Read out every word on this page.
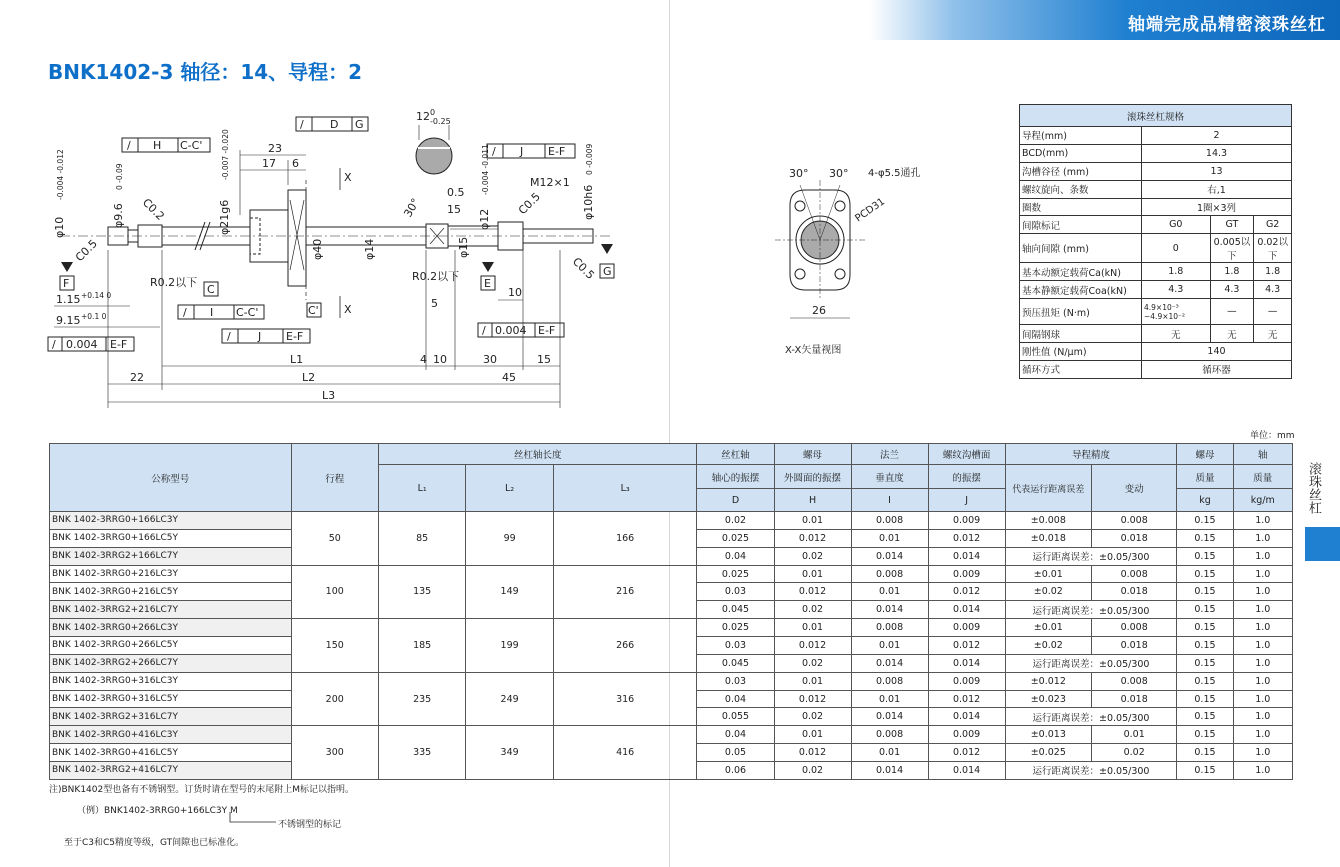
轴端完成品精密滚珠丝杠
BNK1402-3 轴径：14、导程：2
X
X
12 0
-0.25
/ H C-C'
/ D G
/ J E-F
/ I C-C'
/ J E-F	/ 0.004 E-F
/ 0.004 E-F
23
17 6
φ10
-0.004 -0.012
φ9.6
0 -0.09
C0.2	φ21g6
-0.007 -0.020
φ40	φ14	φ15
φ12
-0.004 -0.011
φ10h6
0 -0.009
0.5
15
M12×1
C0.5
C0.5
C0.5
30°
R0.2以下	R0.2以下
C
C'
E
F
G
1.15 +0.14 0
9.15 +0.1 0
5
10
L1	4 10	30	15
22	L2	45
L3
30° 30° 4-φ5.5通孔
PCD31
26
X-X矢量视图
滚珠丝杠规格			
导程(mm)	2		
BCD(mm)	14.3		
沟槽谷径 (mm)	13		
螺纹旋向、条数	右,1		
圈数	1圈×3列		
间隙标记	G0	GT	G2
轴向间隙 (mm)	0	0.005以下	0.02以下
基本动额定载荷Ca(kN)	1.8	1.8	1.8
基本静额定载荷Coa(kN)	4.3	4.3	4.3
预压扭矩 (N·m)	4.9×10⁻³ ~4.9×10⁻²	—	—
间隔钢球	无	无	无
刚性值 (N/μm)	140		
循环方式	循环器		
单位：mm
滚珠丝杠
公称型号	行程	丝杠轴长度			丝杠轴	螺母	法兰	螺纹沟槽面	导程精度		螺母	轴
		L₁	L₂	L₃	轴心的振摆	外圆面的振摆	垂直度	的振摆	代表运行距离误差	变动	质量	质量
					D	H	I	J			kg	kg/m
BNK 1402-3RRG0+166LC3Y	50	85	99	166	0.02	0.01	0.008	0.009	±0.008	0.008	0.15	1.0
BNK 1402-3RRG0+166LC5Y					0.025	0.012	0.01	0.012	±0.018	0.018	0.15	1.0
BNK 1402-3RRG2+166LC7Y					0.04	0.02	0.014	0.014	运行距离误差：±0.05/300		0.15	1.0
BNK 1402-3RRG0+216LC3Y	100	135	149	216	0.025	0.01	0.008	0.009	±0.01	0.008	0.15	1.0
BNK 1402-3RRG0+216LC5Y					0.03	0.012	0.01	0.012	±0.02	0.018	0.15	1.0
BNK 1402-3RRG2+216LC7Y					0.045	0.02	0.014	0.014	运行距离误差：±0.05/300		0.15	1.0
BNK 1402-3RRG0+266LC3Y	150	185	199	266	0.025	0.01	0.008	0.009	±0.01	0.008	0.15	1.0
BNK 1402-3RRG0+266LC5Y					0.03	0.012	0.01	0.012	±0.02	0.018	0.15	1.0
BNK 1402-3RRG2+266LC7Y					0.045	0.02	0.014	0.014	运行距离误差：±0.05/300		0.15	1.0
BNK 1402-3RRG0+316LC3Y	200	235	249	316	0.03	0.01	0.008	0.009	±0.012	0.008	0.15	1.0
BNK 1402-3RRG0+316LC5Y					0.04	0.012	0.01	0.012	±0.023	0.018	0.15	1.0
BNK 1402-3RRG2+316LC7Y					0.055	0.02	0.014	0.014	运行距离误差：±0.05/300		0.15	1.0
BNK 1402-3RRG0+416LC3Y	300	335	349	416	0.04	0.01	0.008	0.009	±0.013	0.01	0.15	1.0
BNK 1402-3RRG0+416LC5Y					0.05	0.012	0.01	0.012	±0.025	0.02	0.15	1.0
BNK 1402-3RRG2+416LC7Y					0.06	0.02	0.014	0.014	运行距离误差：±0.05/300		0.15	1.0
注)BNK1402型也备有不锈钢型。订货时请在型号的末尾附上M标记以指明。
（例）BNK1402-3RRG0+166LC3Y M
不锈钢型的标记
至于C3和C5精度等级，GT间隙也已标准化。
